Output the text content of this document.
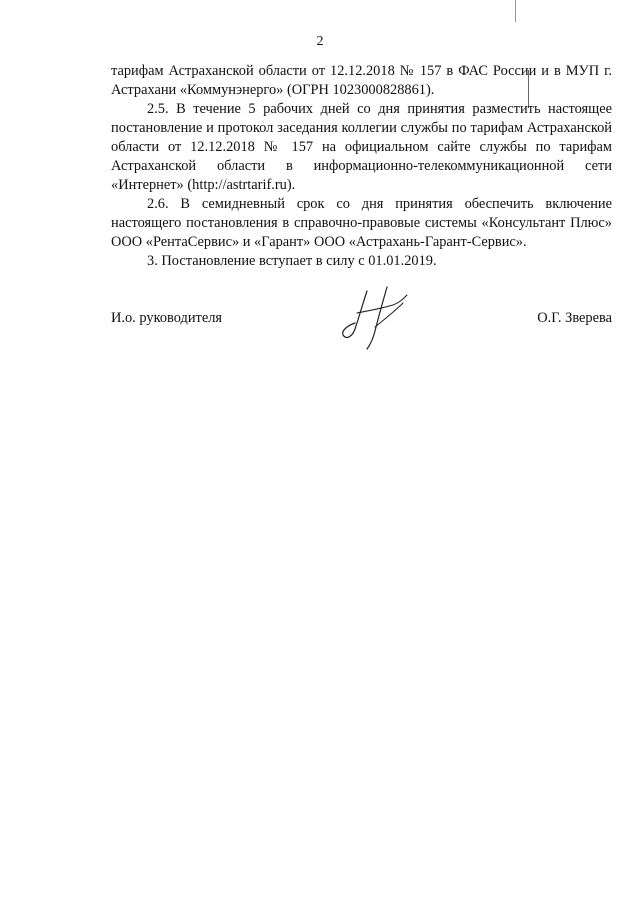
2

тарифам Астраханской области от 12.12.2018 № 157 в ФАС России и в МУП г. Астрахани «Коммунэнерго» (ОГРН 1023000828861).

2.5. В течение 5 рабочих дней со дня принятия разместить настоящее постановление и протокол заседания коллегии службы по тарифам Астраханской области от 12.12.2018 № 157 на официальном сайте службы по тарифам Астраханской области в информационно-телекоммуникационной сети «Интернет» (http://astrtarif.ru).

2.6. В семидневный срок со дня принятия обеспечить включение настоящего постановления в справочно-правовые системы «Консультант Плюс» ООО «РентаСервис» и «Гарант» ООО «Астрахань-Гарант-Сервис».

3. Постановление вступает в силу с 01.01.2019.

И.о. руководителя	О.Г. Зверева
